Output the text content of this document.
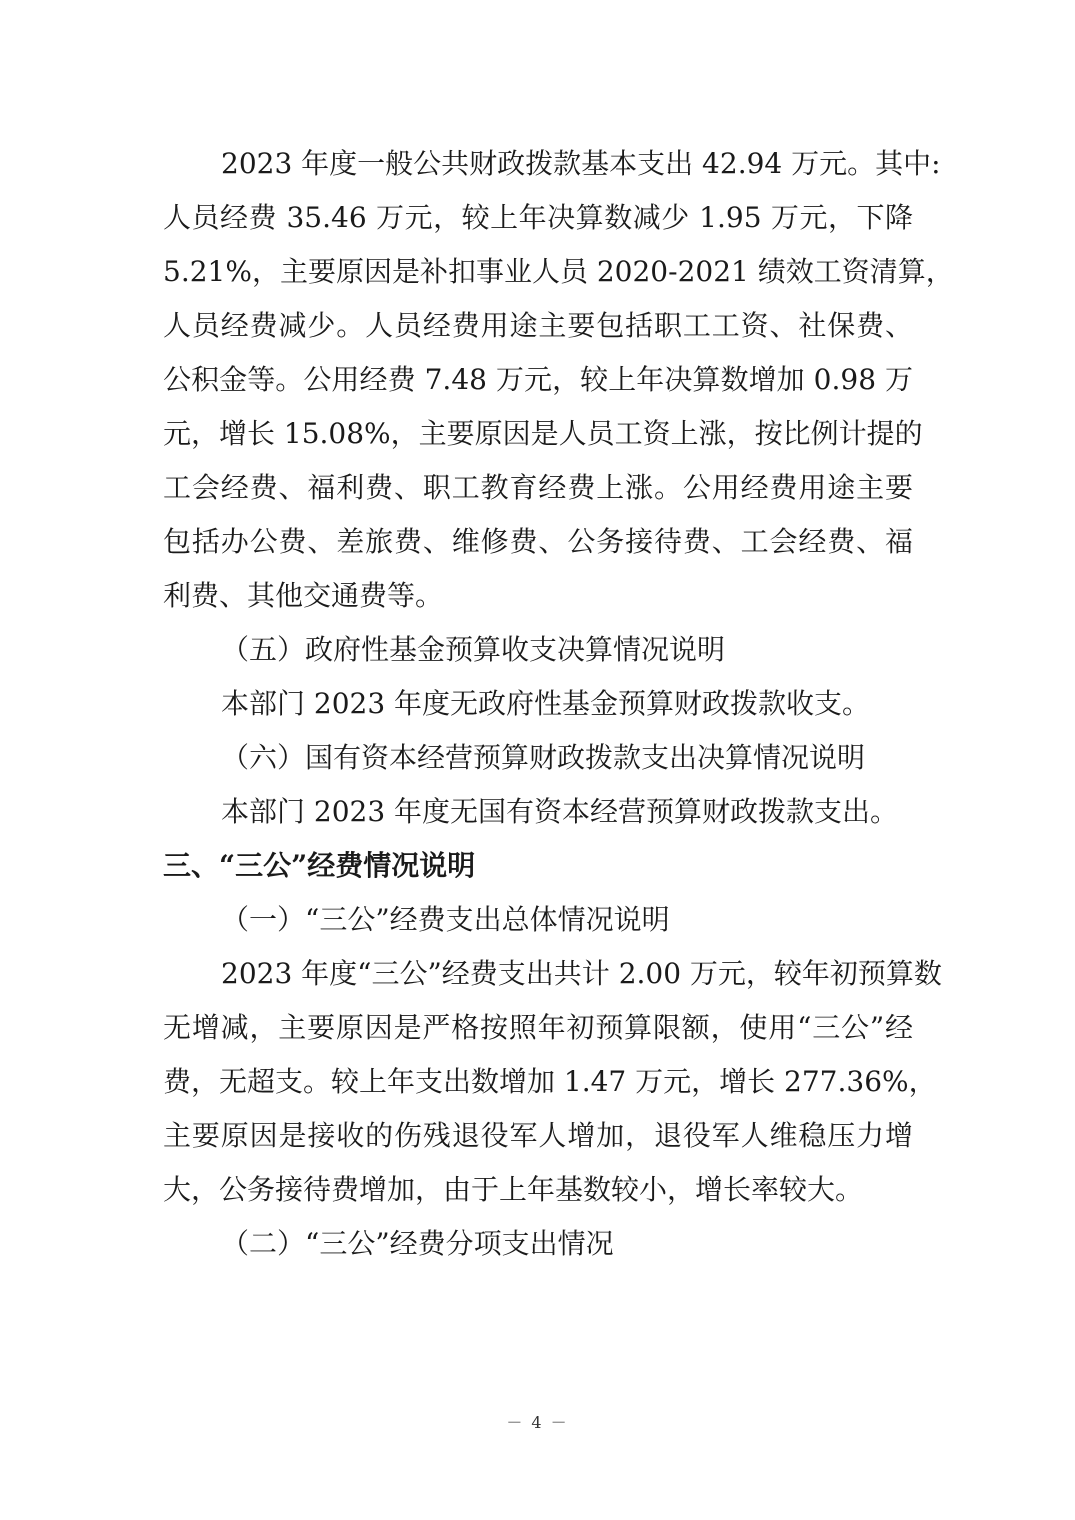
2023 年度一般公共财政拨款基本支出 42.94 万元。其中:
人员经费 35.46 万元，较上年决算数减少 1.95 万元，下降
5.21%，主要原因是补扣事业人员 2020-2021 绩效工资清算，
人员经费减少。人员经费用途主要包括职工工资、社保费、
公积金等。公用经费 7.48 万元，较上年决算数增加 0.98 万
元，增长 15.08%，主要原因是人员工资上涨，按比例计提的
工会经费、福利费、职工教育经费上涨。公用经费用途主要
包括办公费、差旅费、维修费、公务接待费、工会经费、福
利费、其他交通费等。
（五）政府性基金预算收支决算情况说明
本部门 2023 年度无政府性基金预算财政拨款收支。
（六）国有资本经营预算财政拨款支出决算情况说明
本部门 2023 年度无国有资本经营预算财政拨款支出。
三、“三公”经费情况说明
（一）“三公”经费支出总体情况说明
2023 年度“三公”经费支出共计 2.00 万元，较年初预算数
无增减，主要原因是严格按照年初预算限额，使用“三公”经
费，无超支。较上年支出数增加 1.47 万元，增长 277.36%，
主要原因是接收的伤残退役军人增加，退役军人维稳压力增
大，公务接待费增加，由于上年基数较小，增长率较大。
（二）“三公”经费分项支出情况
－ 4 －
